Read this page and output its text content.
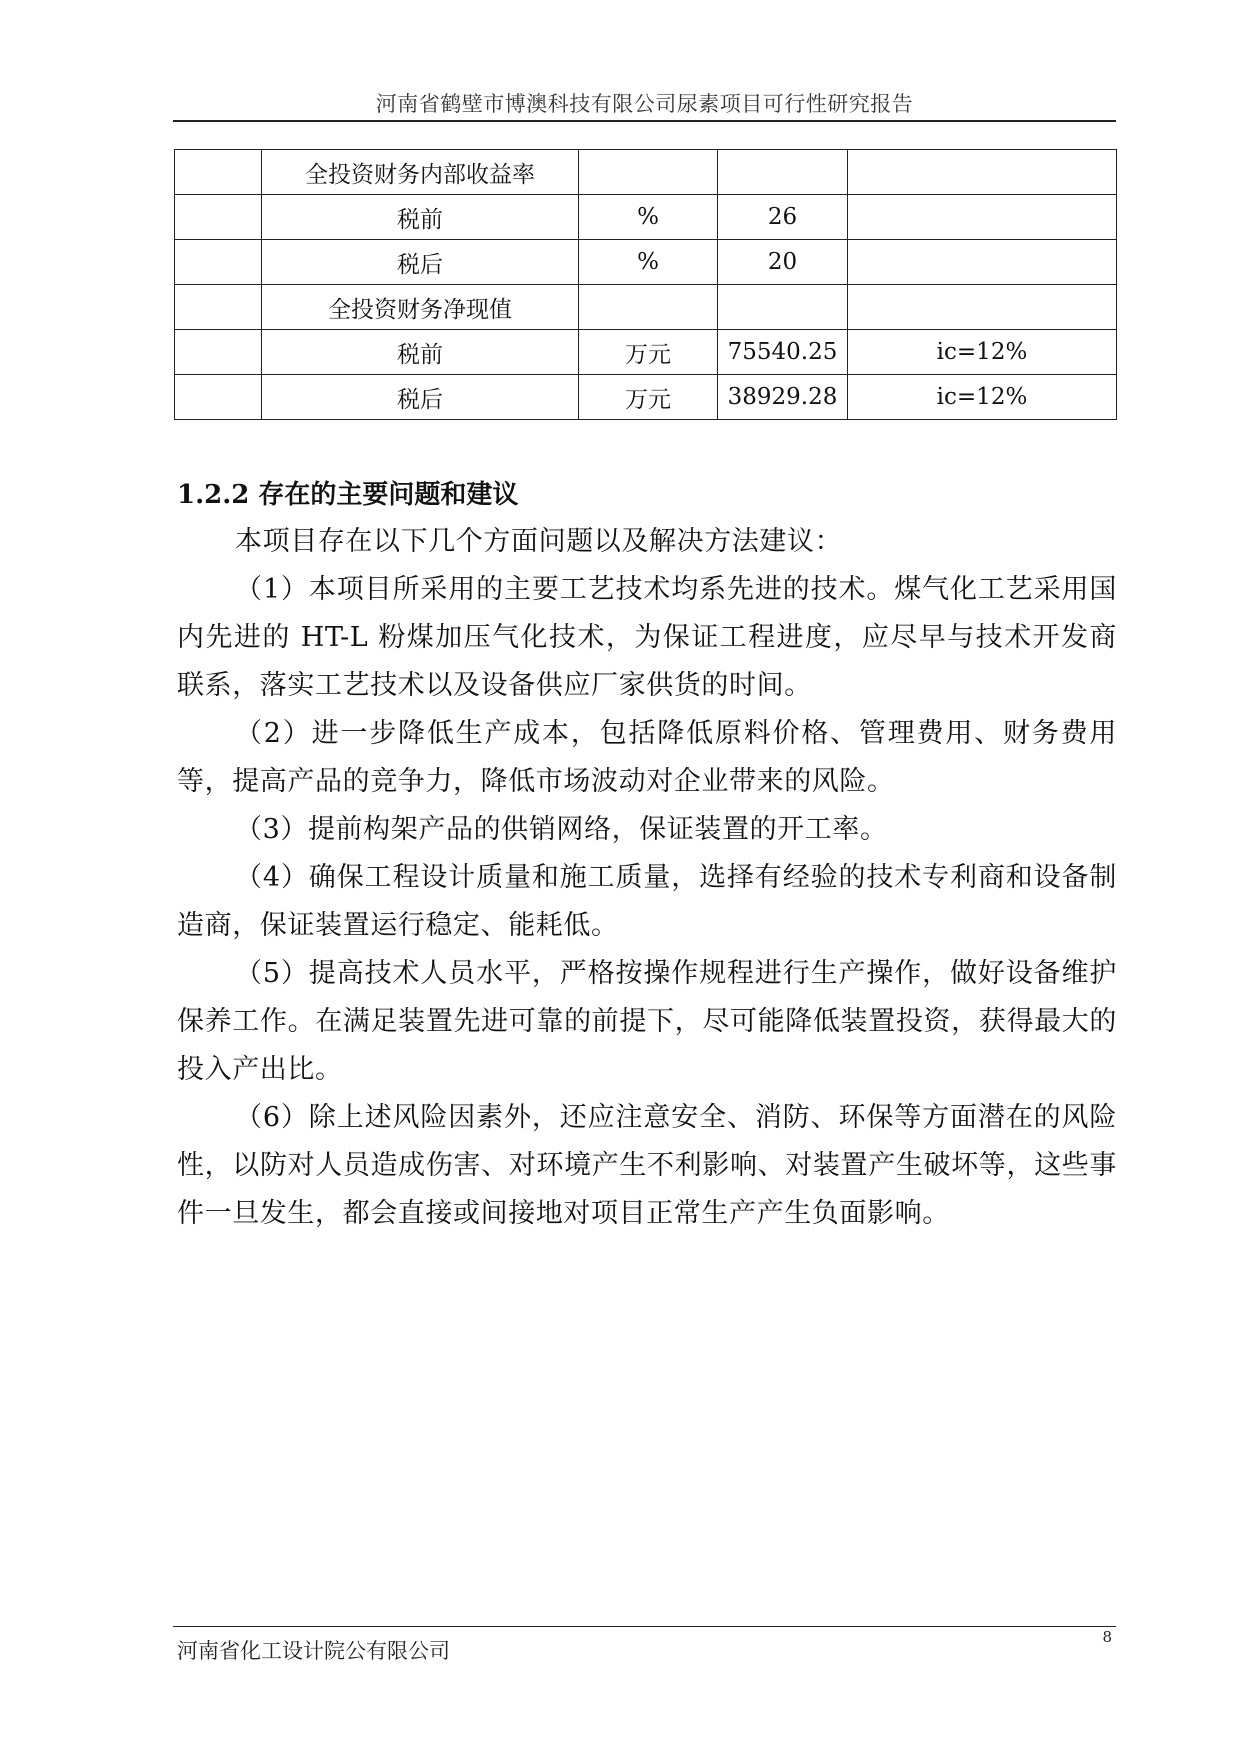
河南省鹤壁市博澳科技有限公司尿素项目可行性研究报告
	全投资财务内部收益率			
	税前	%	26	
	税后	%	20	
	全投资财务净现值			
	税前	万元	75540.25	ic=12%
	税后	万元	38929.28	ic=12%
1.2.2 存在的主要问题和建议

本项目存在以下几个方面问题以及解决方法建议：

（1）本项目所采用的主要工艺技术均系先进的技术。煤气化工艺采用国内先进的 HT-L 粉煤加压气化技术，为保证工程进度，应尽早与技术开发商联系，落实工艺技术以及设备供应厂家供货的时间。

（2）进一步降低生产成本，包括降低原料价格、管理费用、财务费用等，提高产品的竞争力，降低市场波动对企业带来的风险。

（3）提前构架产品的供销网络，保证装置的开工率。

（4）确保工程设计质量和施工质量，选择有经验的技术专利商和设备制造商，保证装置运行稳定、能耗低。

（5）提高技术人员水平，严格按操作规程进行生产操作，做好设备维护保养工作。在满足装置先进可靠的前提下，尽可能降低装置投资，获得最大的投入产出比。

（6）除上述风险因素外，还应注意安全、消防、环保等方面潜在的风险性，以防对人员造成伤害、对环境产生不利影响、对装置产生破坏等，这些事件一旦发生，都会直接或间接地对项目正常生产产生负面影响。

河南省化工设计院公有限公司
8
